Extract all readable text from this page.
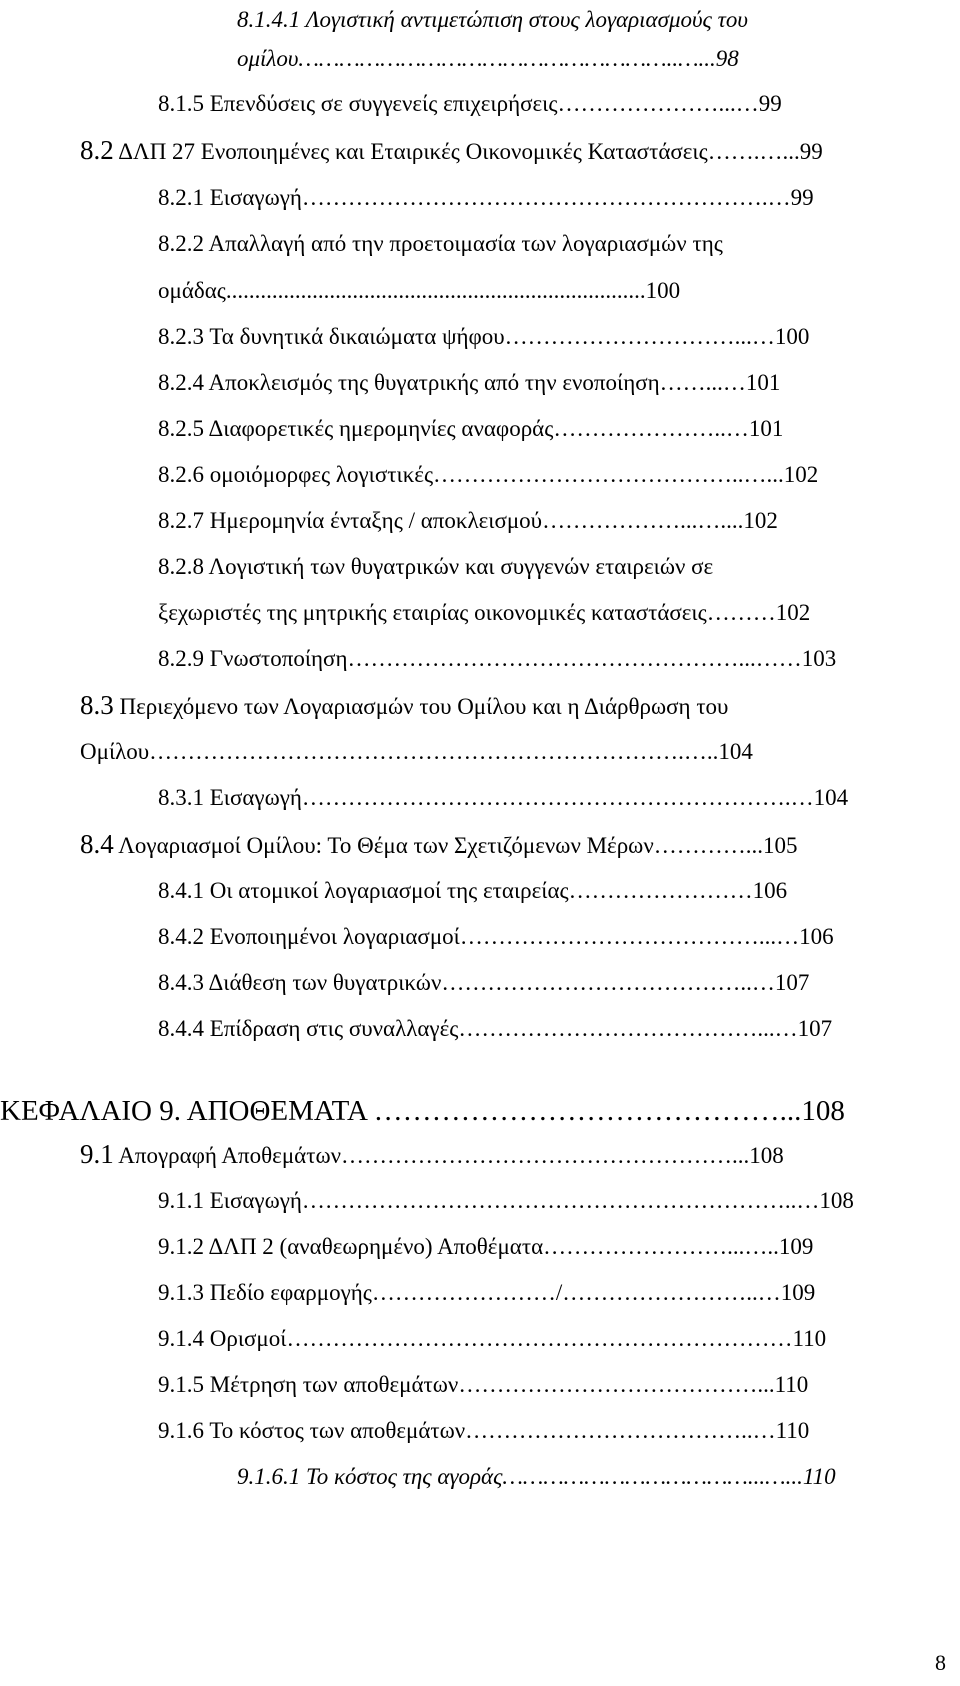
8.1.4.1 Λογιστική αντιμετώπιση στους λογαριασμούς του
ομίλου………………………………………………..…...98
8.1.5 Επενδύσεις σε συγγενείς επιχειρήσεις…………………...…99
8.2 ΔΛΠ 27 Ενοποιημένες και Εταιρικές Οικονομικές Καταστάσεις…….…...99
8.2.1 Εισαγωγή…………………………………………………….…99
8.2.2 Απαλλαγή από την προετοιμασία των λογαριασμών της
ομάδας.........................................................................100
8.2.3 Τα δυνητικά δικαιώματα ψήφου…………………………...…100
8.2.4 Αποκλεισμός της θυγατρικής από την ενοποίηση……...…101
8.2.5 Διαφορετικές ημερομηνίες αναφοράς…………………..…101
8.2.6 ομοιόμορφες λογιστικές…………………………………..…...102
8.2.7 Ημερομηνία ένταξης / αποκλεισμού………………...…....102
8.2.8 Λογιστική των θυγατρικών και συγγενών εταιρειών σε
ξεχωριστές της μητρικής εταιρίας οικονομικές καταστάσεις………102
8.2.9 Γνωστοποίηση……………………………………………...……103
8.3 Περιεχόμενο των Λογαριασμών του Ομίλου και η Διάρθρωση του
Ομίλου…………………………………………………………….…..104
8.3.1 Εισαγωγή……………………………………………………….…104
8.4 Λογαριασμοί Ομίλου: Το Θέμα των Σχετιζόμενων Μέρων…………...105
8.4.1 Οι ατομικοί λογαριασμοί της εταιρείας……………………106
8.4.2 Ενοποιημένοι λογαριασμοί…………………………………...…106
8.4.3 Διάθεση των θυγατρικών…………………………………..…107
8.4.4 Επίδραση στις συναλλαγές…………………………………...…107
ΚΕΦΑΛΑΙΟ 9. ΑΠΟΘΕΜΑΤΑ ……………………………………...108
9.1 Απογραφή Αποθεμάτων……………………………………………...108
9.1.1 Εισαγωγή………………………………………………………..…108
9.1.2 ΔΛΠ 2 (αναθεωρημένο) Αποθέματα……………………...…..109
9.1.3 Πεδίο εφαρμογής……………………/……………………..…109
9.1.4 Ορισμοί…………………………………………………………110
9.1.5 Μέτρηση των αποθεμάτων…………………………………...110
9.1.6 Το κόστος των αποθεμάτων………………………………..…110
9.1.6.1 Το κόστος της αγοράς………………………………...…...110
8
